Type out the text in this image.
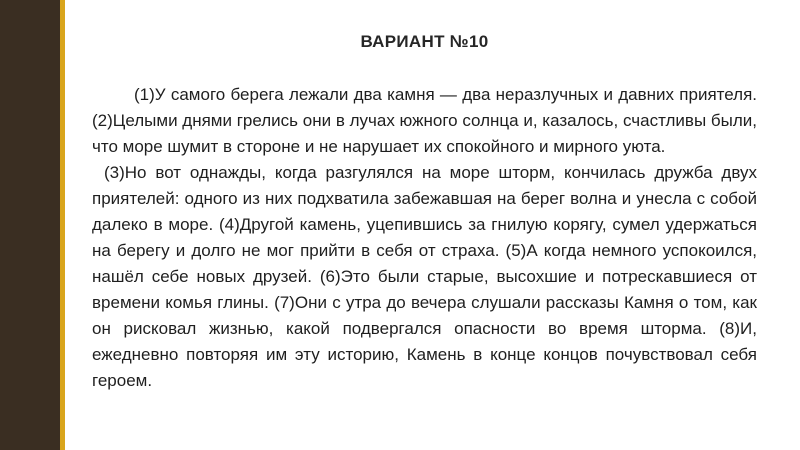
ВАРИАНТ №10

(1)У самого берега лежали два камня — два неразлучных и давних приятеля. (2)Целыми днями грелись они в лучах южного солнца и, казалось, счастливы были, что море шумит в стороне и не нарушает их спокойного и мирного уюта.

(3)Но вот однажды, когда разгулялся на море шторм, кончилась дружба двух приятелей: одного из них подхватила забежавшая на берег волна и унесла с собой далеко в море. (4)Другой камень, уцепившись за гнилую корягу, сумел удержаться на берегу и долго не мог прийти в себя от страха. (5)А когда немного успокоился, нашёл себе новых друзей. (6)Это были старые, высохшие и потрескавшиеся от времени комья глины. (7)Они с утра до вечера слушали рассказы Камня о том, как он рисковал жизнью, какой подвергался опасности во время шторма. (8)И, ежедневно повторяя им эту историю, Камень в конце концов почувствовал себя героем.
